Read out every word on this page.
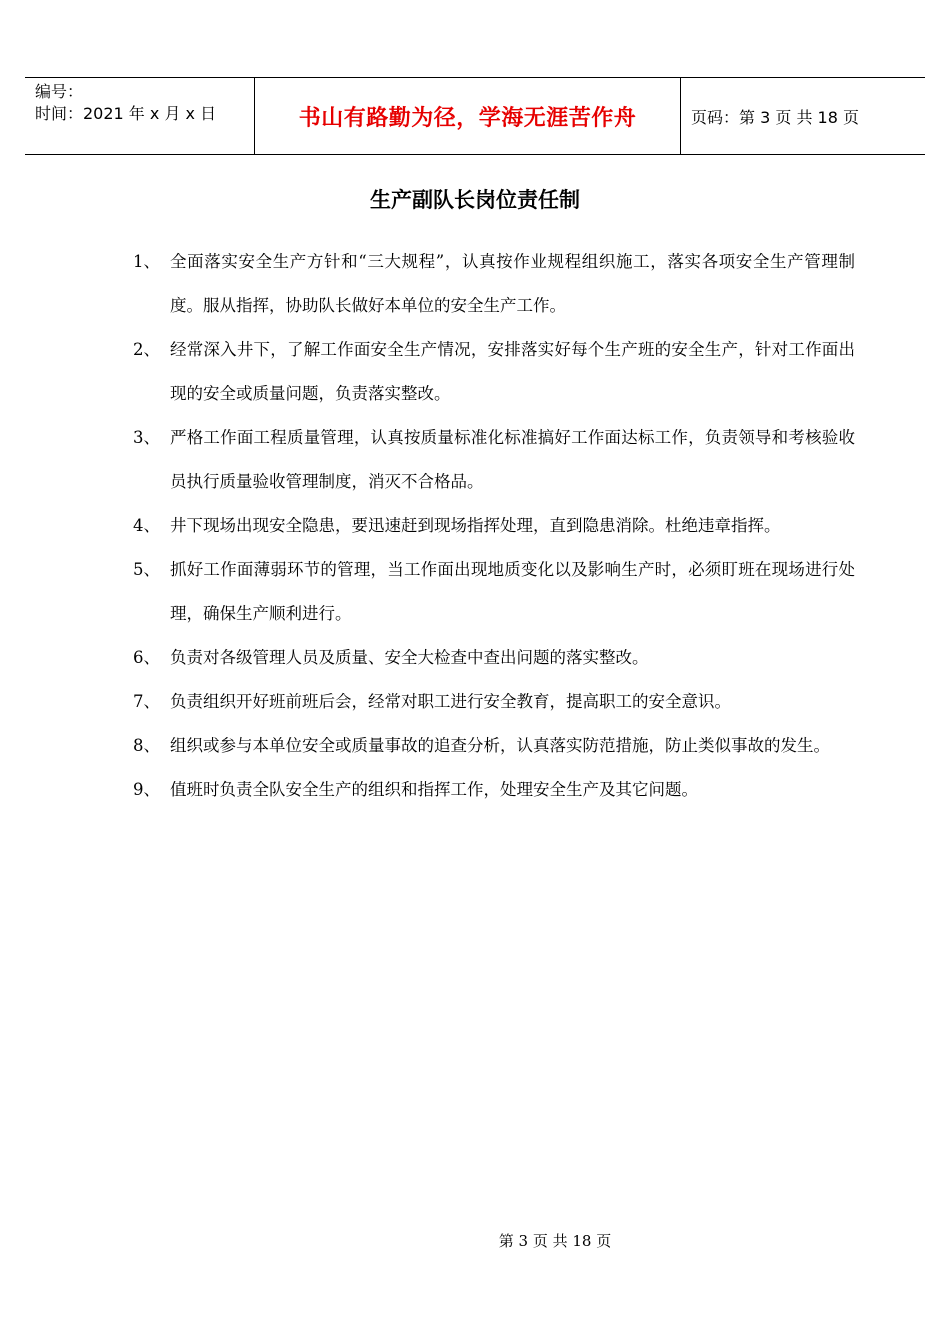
编号：
时间：2021 年 x 月 x 日	书山有路勤为径，学海无涯苦作舟	页码：第 3 页 共 18 页
生产副队长岗位责任制
1、 全面落实安全生产方针和“三大规程”，认真按作业规程组织施工，落实各项安全生产管理制度。服从指挥，协助队长做好本单位的安全生产工作。
2、 经常深入井下，了解工作面安全生产情况，安排落实好每个生产班的安全生产，针对工作面出现的安全或质量问题，负责落实整改。
3、 严格工作面工程质量管理，认真按质量标准化标准搞好工作面达标工作，负责领导和考核验收员执行质量验收管理制度，消灭不合格品。
4、 井下现场出现安全隐患，要迅速赶到现场指挥处理，直到隐患消除。杜绝违章指挥。
5、 抓好工作面薄弱环节的管理，当工作面出现地质变化以及影响生产时，必须盯班在现场进行处理，确保生产顺利进行。
6、 负责对各级管理人员及质量、安全大检查中查出问题的落实整改。
7、 负责组织开好班前班后会，经常对职工进行安全教育，提高职工的安全意识。
8、 组织或参与本单位安全或质量事故的追查分析，认真落实防范措施，防止类似事故的发生。
9、 值班时负责全队安全生产的组织和指挥工作，处理安全生产及其它问题。
第 3 页 共 18 页
